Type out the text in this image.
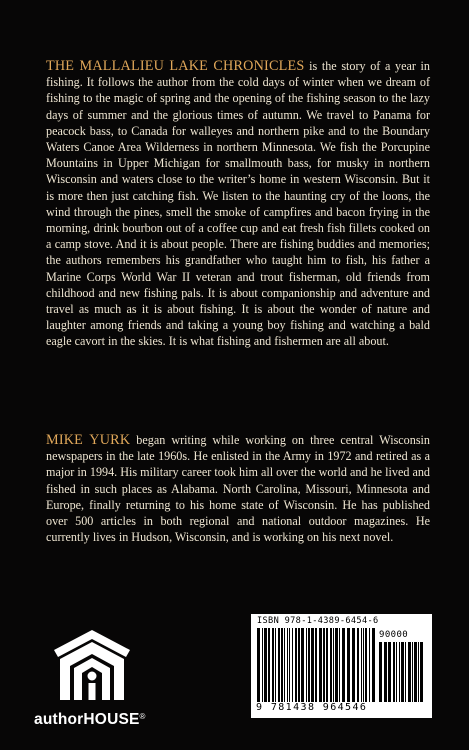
THE MALLALIEU LAKE CHRONICLES is the story of a year in fishing. It follows the author from the cold days of winter when we dream of fishing to the magic of spring and the opening of the fishing season to the lazy days of summer and the glorious times of autumn. We travel to Panama for peacock bass, to Canada for walleyes and northern pike and to the Boundary Waters Canoe Area Wilderness in northern Minnesota. We fish the Porcupine Mountains in Upper Michigan for smallmouth bass, for musky in northern Wisconsin and waters close to the writer’s home in western Wisconsin. But it is more then just catching fish. We listen to the haunting cry of the loons, the wind through the pines, smell the smoke of campfires and bacon frying in the morning, drink bourbon out of a coffee cup and eat fresh fish fillets cooked on a camp stove. And it is about people. There are fishing buddies and memories; the authors remembers his grandfather who taught him to fish, his father a Marine Corps World War II veteran and trout fisherman, old friends from childhood and new fishing pals. It is about companionship and adventure and travel as much as it is about fishing. It is about the wonder of nature and laughter among friends and taking a young boy fishing and watching a bald eagle cavort in the skies. It is what fishing and fishermen are all about.

MIKE YURK began writing while working on three central Wisconsin newspapers in the late 1960s. He enlisted in the Army in 1972 and retired as a major in 1994. His military career took him all over the world and he lived and fished in such places as Alabama. North Carolina, Missouri, Minnesota and Europe, finally returning to his home state of Wisconsin. He has published over 500 articles in both regional and national outdoor magazines. He currently lives in Hudson, Wisconsin, and is working on his next novel.

ISBN 978-1-4389-6454-6
90000
9 781438 964546
authorHOUSE®
